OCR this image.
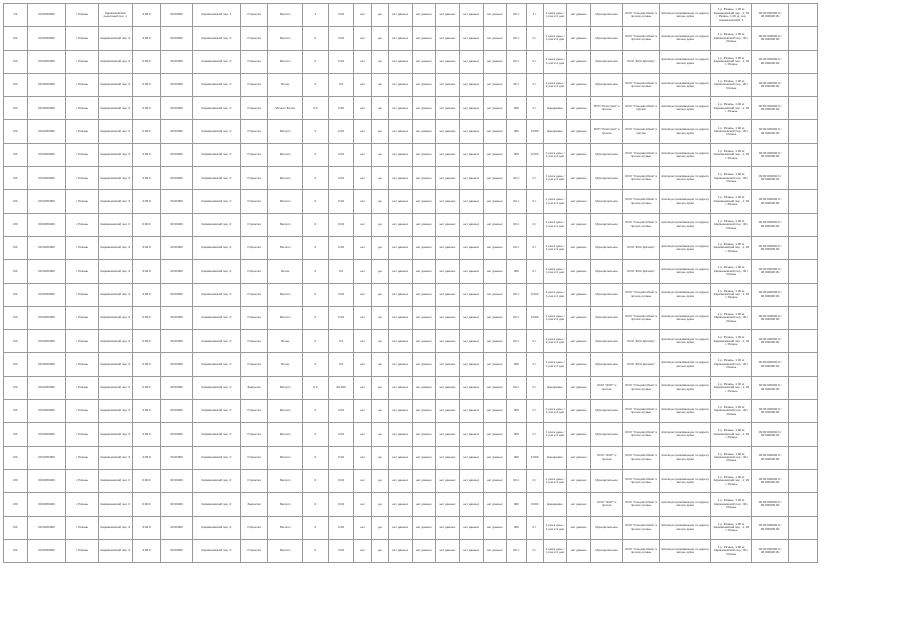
1/1	00:00/00000	г. Рязань	Кармашевский рыночный пер. 1	0:00:0	00:00000	Кармашевский пер. 1	Открытая	Металл	1	0.00	нет	да	нет данных	нет данных	нет данных	нет данных	нет данных	00 л	1 т	1 раз в день / 1 раз в 2 дня	нет данных	Муниципальное	ООО "Спецавтобаза" и прочие органы	физлица проживающие по адресу жилые дома	1 р. Рязань, 1 00 м; Кармашевский пер., 1; 30 г. Рязань, 1 00 м, пер. Кармашевский, 1	00:00:000000:0 / 00:000000:00	
0/0	00:00/00000	г. Рязань	Кармашевский пер. 0	0:00:0	00:00000	Кармашевский пер. 0	Открытая	Металл	0	0.00	нет	да	нет данных	нет данных	нет данных	нет данных	нет данных	00 л	0 т	1 раз в день / 1 раз в 2 дня	нет данных	Муниципальное	ООО "Спецавтобаза" и прочие органы	физлица проживающие по адресу жилые дома	1 р. Рязань, 1 00 м; Кармашевский пер.; 30 г. Рязань	00:00:000000:0 / 00:000000:00	
0/0	00:00/00000	г. Рязань	Кармашевский пер. 0	0:00:0	00:00000	Кармашевский пер. 0	Открытая	Металл	0	0.00	нет	да	нет данных	нет данных	нет данных	нет данных	нет данных	00 л	0 т	1 раз в день / 1 раз в 2 дня	нет данных	Муниципальное	ООО "ЕСК Договор"	физлица проживающие по адресу жилые дома	1 р. Рязань, 1 00 м; Кармашевский пер., 1; 30 г. Рязань	00:00:000000:0 / 00:000000:00	
0/0	00:00/00000	г. Рязань	Кармашевский пер. 0	0:00:0	00:00000	Кармашевский пер. 0	Открытая	Бетон	0	0.0	нет	да	нет данных	нет данных	нет данных	нет данных	нет данных	00 л	0 т	1 раз в день / 1 раз в 2 дня	нет данных	Муниципальное	ООО "Спецавтобаза" и прочие органы	физлица проживающие по адресу жилые дома	1 р. Рязань, 1 00 м; Кармашевский пер.; 30 г. Рязань	00:00:000000:0 / 00:000000:00	
0/0	00:00/00000	г. Рязань	Кармашевский пер. 0	0:00:0	00:00000	Кармашевский пер. 0	Открытая	Металл Бетон	0.0	0.00	нет	да	нет данных	нет данных	нет данных	нет данных	нет данных	000	0 т	Ежедневно	нет данных	МУП "Ремстрой" и прочие	ООО "Спецавтобаза" и прочие	физлица проживающие по адресу жилые дома	1 р. Рязань, 1 00 м; Кармашевский пер., 1; 30 г. Рязань	00:00:000000:0 / 00:000000:00	
0/0	00:00/00000	г. Рязань	Кармашевский пер. 0	0:00:0	00:00000	Кармашевский пер. 0	Открытая	Металл	0	0.00	нет	да	нет данных	нет данных	нет данных	нет данных	нет данных	000	0 000	Ежедневно	нет данных	МУП "Ремстрой" и прочие	ООО "Спецавтобаза" и прочие	физлица проживающие по адресу жилые дома	1 р. Рязань, 1 00 м; Кармашевский пер.; 30 г. Рязань	00:00:000000:0 / 00:000000:00	
0/0	00:00/00000	г. Рязань	Кармашевский пер. 0	0:00:0	00:00000	Кармашевский пер. 0	Открытая	Металл	0	0.00	нет	да	нет данных	нет данных	нет данных	нет данных	нет данных	000	0 000	1 раз в день / 1 раз в 2 дня	нет данных	Муниципальное	ООО "Спецавтобаза" и прочие органы	физлица проживающие по адресу жилые дома	1 р. Рязань, 1 00 м; Кармашевский пер., 1; 30 г. Рязань	00:00:000000:0 / 00:000000:00	
0/0	00:00/00000	г. Рязань	Кармашевский пер. 0	0:00:0	00:00000	Кармашевский пер. 0	Открытая	Металл	0	0.00	нет	да	нет данных	нет данных	нет данных	нет данных	нет данных	00 л	0 т	1 раз в день / 1 раз в 2 дня	нет данных	Муниципальное	ООО "Спецавтобаза" и прочие органы	физлица проживающие по адресу жилые дома	1 р. Рязань, 1 00 м; Кармашевский пер.; 30 г. Рязань	00:00:000000:0 / 00:000000:00	
0/0	00:00/00000	г. Рязань	Кармашевский пер. 0	0:00:0	00:00000	Кармашевский пер. 0	Открытая	Металл	0	0.00	нет	да	нет данных	нет данных	нет данных	нет данных	нет данных	00 л	0 т	1 раз в день / 1 раз в 2 дня	нет данных	Муниципальное	ООО "Спецавтобаза" и прочие органы	физлица проживающие по адресу жилые дома	1 р. Рязань, 1 00 м; Кармашевский пер., 1; 30 г. Рязань	00:00:000000:0 / 00:000000:00	
0/0	00:00/00000	г. Рязань	Кармашевский пер. 0	0:00:0	00:00000	Кармашевский пер. 0	Открытая	Металл	0	0.00	нет	да	нет данных	нет данных	нет данных	нет данных	нет данных	00 л	0 т	1 раз в день / 1 раз в 2 дня	нет данных	Муниципальное	ООО "Спецавтобаза" и прочие органы	физлица проживающие по адресу жилые дома	1 р. Рязань, 1 00 м; Кармашевский пер.; 30 г. Рязань	00:00:000000:0 / 00:000000:00	
0/0	00:00/00000	г. Рязань	Кармашевский пер. 0	0:00:0	00:00000	Кармашевский пер. 0	Открытая	Металл	0	0.00	нет	да	нет данных	нет данных	нет данных	нет данных	нет данных	00 л	0 т	1 раз в день / 1 раз в 2 дня	нет данных	Муниципальное	ООО "ЕСК Договор"	физлица проживающие по адресу жилые дома	1 р. Рязань, 1 00 м; Кармашевский пер., 1; 30 г. Рязань	00:00:000000:0 / 00:000000:00	
0/0	00:00/00000	г. Рязань	Кармашевский пер. 0	0:00:0	00:00000	Кармашевский пер. 0	Открытая	Бетон	0	0.0	нет	да	нет данных	нет данных	нет данных	нет данных	нет данных	000	0 т	1 раз в день / 1 раз в 2 дня	нет данных	Муниципальное	ООО "ЕСК Договор"	физлица проживающие по адресу жилые дома	1 р. Рязань, 1 00 м; Кармашевский пер.; 30 г. Рязань	00:00:000000:0 / 00:000000:00	
0/0	00:00/00000	г. Рязань	Кармашевский пер. 0	0:00:0	00:00000	Кармашевский пер. 0	Открытая	Металл	0	0.00	нет	да	нет данных	нет данных	нет данных	нет данных	нет данных	00 л	0 000	1 раз в день / 1 раз в 2 дня	нет данных	Муниципальное	ООО "Спецавтобаза" и прочие органы	физлица проживающие по адресу жилые дома	1 р. Рязань, 1 00 м; Кармашевский пер., 1; 30 г. Рязань	00:00:000000:0 / 00:000000:00	
0/0	00:00/00000	г. Рязань	Кармашевский пер. 0	0:00:0	00:00000	Кармашевский пер. 0	Открытая	Металл	0	0.00	нет	да	нет данных	нет данных	нет данных	нет данных	нет данных	00 л	0 000	1 раз в день / 1 раз в 2 дня	нет данных	Муниципальное	ООО "Спецавтобаза" и прочие органы	физлица проживающие по адресу жилые дома	1 р. Рязань, 1 00 м; Кармашевский пер.; 30 г. Рязань	00:00:000000:0 / 00:000000:00	
0/0	00:00/00000	г. Рязань	Кармашевский пер. 0	0:00:0	00:00000	Кармашевский пер. 0	Открытая	Бетон	0	0.0	нет	да	нет данных	нет данных	нет данных	нет данных	нет данных	00 л	0 т	1 раз в день / 1 раз в 2 дня	нет данных	Муниципальное	ООО "ЕСК Договор"	физлица проживающие по адресу жилые дома	1 р. Рязань, 1 00 м; Кармашевский пер., 1; 30 г. Рязань	00:00:000000:0 / 00:000000:00	
0/0	00:00/00000	г. Рязань	Кармашевский пер. 0	0:00:0	00:00000	Кармашевский пер. 0	Открытая	Бетон	0	0.0	нет	да	нет данных	нет данных	нет данных	нет данных	нет данных	000	0 т	1 раз в день / 1 раз в 2 дня	нет данных	Муниципальное	ООО "ЕСК Договор"	физлица проживающие по адресу жилые дома	1 р. Рязань, 1 00 м; Кармашевский пер.; 30 г. Рязань	00:00:000000:0 / 00:000000:00	
0/0	00:00/00000	г. Рязань	Кармашевский пер. 0	0:00:0	00:00000	Кармашевский пер. 0	Закрытая	Металл	0.0	00.000	нет	да	нет данных	нет данных	нет данных	нет данных	нет данных	00 л	0 т	Ежедневно	нет данных	ООО "ЖЭУ" и прочие	ООО "Спецавтобаза" и прочие органы	физлица проживающие по адресу жилые дома	1 р. Рязань, 1 00 м; Кармашевский пер., 1; 30 г. Рязань	00:00:000000:0 / 00:000000:00	
0/0	00:00/00000	г. Рязань	Кармашевский пер. 0	0:00:0	00:00000	Кармашевский пер. 0	Открытая	Металл	0	0.00	нет	да	нет данных	нет данных	нет данных	нет данных	нет данных	000	0 т	1 раз в день / 1 раз в 2 дня	нет данных	Муниципальное	ООО "Спецавтобаза" и прочие органы	физлица проживающие по адресу жилые дома	1 р. Рязань, 1 00 м; Кармашевский пер.; 30 г. Рязань	00:00:000000:0 / 00:000000:00	
0/0	00:00/00000	г. Рязань	Кармашевский пер. 0	0:00:0	00:00000	Кармашевский пер. 0	Открытая	Металл	0	0.00	нет	да	нет данных	нет данных	нет данных	нет данных	нет данных	000	0 т	1 раз в день / 1 раз в 2 дня	нет данных	Муниципальное	ООО "Спецавтобаза" и прочие органы	физлица проживающие по адресу жилые дома	1 р. Рязань, 1 00 м; Кармашевский пер., 1; 30 г. Рязань	00:00:000000:0 / 00:000000:00	
0/0	00:00/00000	г. Рязань	Кармашевский пер. 0	0:00:0	00:00000	Кармашевский пер. 0	Открытая	Металл	0	0.00	нет	да	нет данных	нет данных	нет данных	нет данных	нет данных	000	0 000	Ежедневно	нет данных	ООО "ЖЭУ" и прочие	ООО "Спецавтобаза" и прочие органы	физлица проживающие по адресу жилые дома	1 р. Рязань, 1 00 м; Кармашевский пер.; 30 г. Рязань	00:00:000000:0 / 00:000000:00	
0/0	00:00/00000	г. Рязань	Кармашевский пер. 0	0:00:0	00:00000	Кармашевский пер. 0	Открытая	Металл	0	0.00	нет	да	нет данных	нет данных	нет данных	нет данных	нет данных	00 л	0 т	1 раз в день / 1 раз в 2 дня	нет данных	Муниципальное	ООО "Спецавтобаза" и прочие органы	физлица проживающие по адресу жилые дома	1 р. Рязань, 1 00 м; Кармашевский пер., 1; 30 г. Рязань	00:00:000000:0 / 00:000000:00	
0/0	00:00/00000	г. Рязань	Кармашевский пер. 0	0:00:0	00:00000	Кармашевский пер. 0	Закрытая	Металл	0	0.00	нет	да	нет данных	нет данных	нет данных	нет данных	нет данных	000	0 000	Ежедневно	нет данных	ООО "ЖЭУ" и прочие	ООО "Спецавтобаза" и прочие органы	физлица проживающие по адресу жилые дома	1 р. Рязань, 1 00 м; Кармашевский пер.; 30 г. Рязань	00:00:000000:0 / 00:000000:00	
0/0	00:00/00000	г. Рязань	Кармашевский пер. 0	0:00:0	00:00000	Кармашевский пер. 0	Открытая	Металл	0	0.00	нет	да	нет данных	нет данных	нет данных	нет данных	нет данных	000	0 т	1 раз в день / 1 раз в 2 дня	нет данных	Муниципальное	ООО "Спецавтобаза" и прочие органы	физлица проживающие по адресу жилые дома	1 р. Рязань, 1 00 м; Кармашевский пер., 1; 30 г. Рязань	00:00:000000:0 / 00:000000:00	
0/0	00:00/00000	г. Рязань	Кармашевский пер. 0	0:00:0	00:00000	Кармашевский пер. 0	Открытая	Металл	0	0.00	нет	да	нет данных	нет данных	нет данных	нет данных	нет данных	00 л	0 т	1 раз в день / 1 раз в 2 дня	нет данных	Муниципальное	ООО "Спецавтобаза" и прочие органы	физлица проживающие по адресу жилые дома	1 р. Рязань, 1 00 м; Кармашевский пер.; 30 г. Рязань	00:00:000000:0 / 00:000000:00	
